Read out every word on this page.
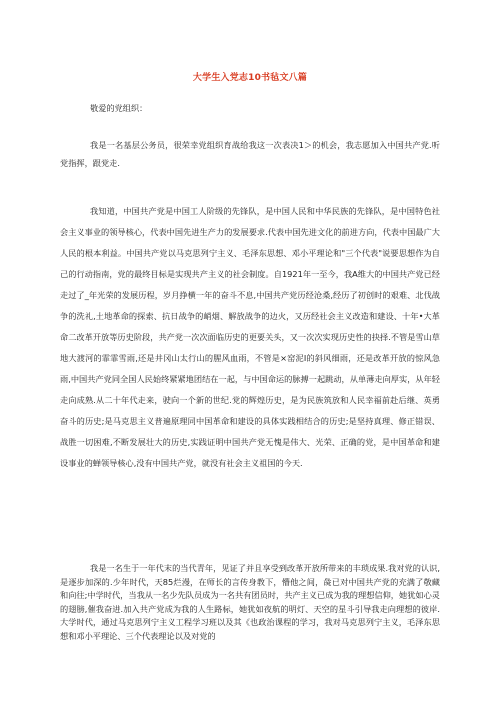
大学生入党志10书毡文八篇

敬爱的党组织：

我是一名基层公务员，很荣幸党组织育战给我这一次表决1＞的机会，我志愿加入中国共产党.听党指挥，跟党走.

我知道，中国共产党是中国工人阶级的先锋队，是中国人民和中华民族的先锋队，是中国特色社会主义事业的领导核心，代表中国先进生产力的发展要求.代表中国先进文化的前进方向，代表中国最广大人民的根本利益。中国共产党以马克思列宁主义、毛泽东思想、邓小平理论和"三个代表"说要思想作为自己的行动指南，党的最终目标是实现共产主义的社会制度。自1921年一至今，我A维大的中国共产党已经走过了_年光荣的发展历程，岁月挣横一年的奋斗不息,中国共产党历经沧桑,经历了初创时的艰难、北伐战争的洗礼,土地革命的探索、抗日战争的峭烟、解放战争的边火，又历经社会主义改造和建设、十年•大革命二改革开放等历史阶段，共产党一次次面临历史的更要关头，又一次次实现历史性的抉择.不管是雪山草地大渡河的霏霏雪雨,还是井冈山太行山的腥风血雨，不管是×窑泥Ⅰ的斜风细雨，还是改革开放的惊风急雨,中国共产党同全国人民始终紧紧地团结在一起，与中国命运的脉搏一起跳动，从单薄走向厚实，从年轻走向成熟.从二十年代走来，驶向一个新的世纪.党的辉煌历史，是为民族筑放和人民幸福前赴后继、英勇奋斗的历史;是马克思主义普遍原理同中国革命和建设的具体实践相结合的历史;是坚持真理、修正错误、战胜一切困难,不断发展壮大的历史,实践证明中国共产党无愧是伟大、光荣、正确的党，是中国革命和建设事业的蝉领导核心,没有中国共产党，就没有社会主义祖国的今天.

我是一名生于一年代末的当代青年，见证了并且享受到改革开放所带来的丰琐成果.我对党的认识,是逐步加深的.少年时代，天85烂漫，在师长的言传身教下，懵他之间，彘已对中国共产党的充满了敬藏和向往;中学时代，当我从一名少先队员成为一名共有团员时，共产主义已成为我的理想信仰，她犹如心灵的翅膀,催我奋进.加入共产党成为我的人生路标，她犹如夜航的明灯、天空的星斗引导我走向理想的彼岸.大学时代，通过马克思列宁主义工程学习班以及其《也政治课程的学习，我对马克思列宁主义，毛泽东思想和邓小平理论、三个代表理论以及对党的
